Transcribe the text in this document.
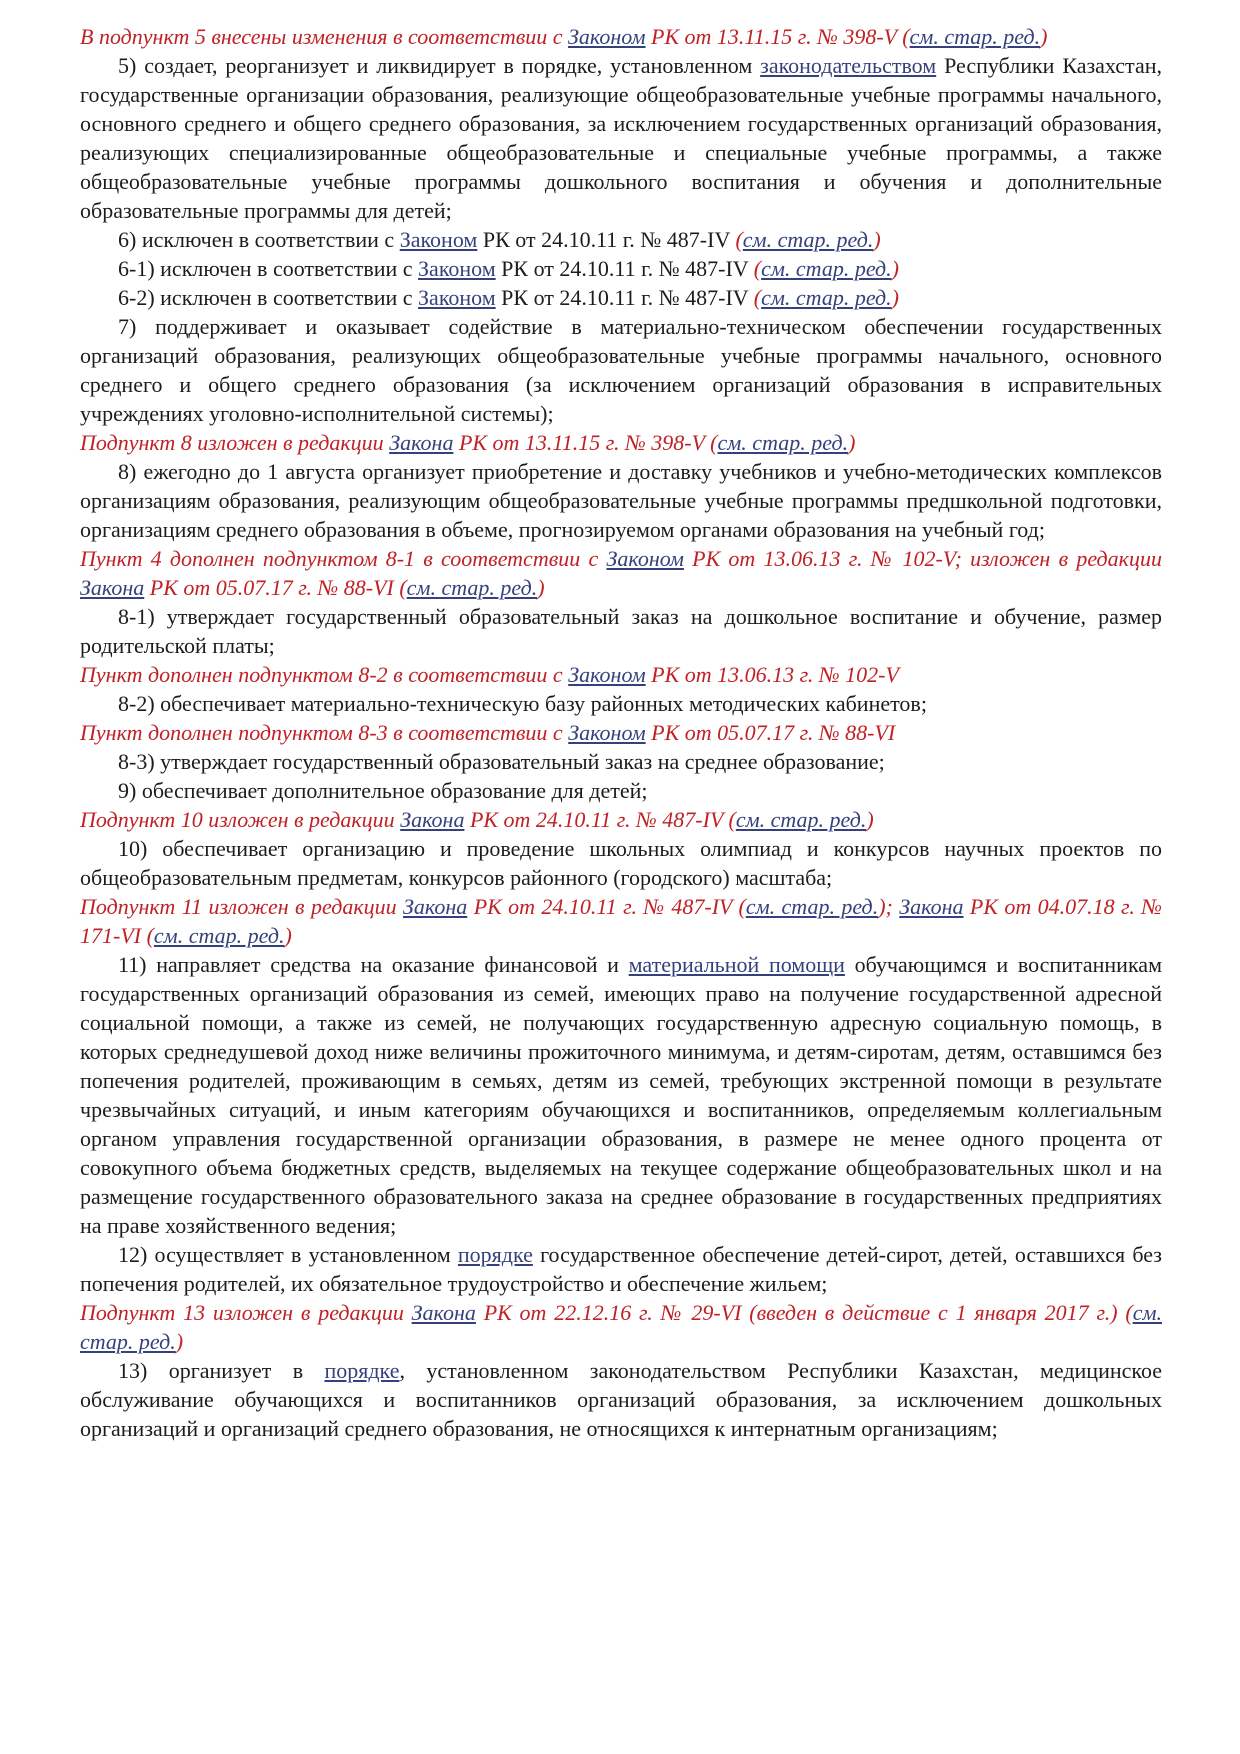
В подпункт 5 внесены изменения в соответствии с Законом РК от 13.11.15 г. № 398-V (см. стар. ред.)

5) создает, реорганизует и ликвидирует в порядке, установленном законодательством Республики Казахстан, государственные организации образования, реализующие общеобразовательные учебные программы начального, основного среднего и общего среднего образования, за исключением государственных организаций образования, реализующих специализированные общеобразовательные и специальные учебные программы, а также общеобразовательные учебные программы дошкольного воспитания и обучения и дополнительные образовательные программы для детей;

6) исключен в соответствии с Законом РК от 24.10.11 г. № 487-IV (см. стар. ред.)

6-1) исключен в соответствии с Законом РК от 24.10.11 г. № 487-IV (см. стар. ред.)

6-2) исключен в соответствии с Законом РК от 24.10.11 г. № 487-IV (см. стар. ред.)

7) поддерживает и оказывает содействие в материально-техническом обеспечении государственных организаций образования, реализующих общеобразовательные учебные программы начального, основного среднего и общего среднего образования (за исключением организаций образования в исправительных учреждениях уголовно-исполнительной системы);

Подпункт 8 изложен в редакции Закона РК от 13.11.15 г. № 398-V (см. стар. ред.)

8) ежегодно до 1 августа организует приобретение и доставку учебников и учебно-методических комплексов организациям образования, реализующим общеобразовательные учебные программы предшкольной подготовки, организациям среднего образования в объеме, прогнозируемом органами образования на учебный год;

Пункт 4 дополнен подпунктом 8-1 в соответствии с Законом РК от 13.06.13 г. № 102-V; изложен в редакции Закона РК от 05.07.17 г. № 88-VI (см. стар. ред.)

8-1) утверждает государственный образовательный заказ на дошкольное воспитание и обучение, размер родительской платы;

Пункт дополнен подпунктом 8-2 в соответствии с Законом РК от 13.06.13 г. № 102-V

8-2) обеспечивает материально-техническую базу районных методических кабинетов;

Пункт дополнен подпунктом 8-3 в соответствии с Законом РК от 05.07.17 г. № 88-VI

8-3) утверждает государственный образовательный заказ на среднее образование;

9) обеспечивает дополнительное образование для детей;

Подпункт 10 изложен в редакции Закона РК от 24.10.11 г. № 487-IV (см. стар. ред.)

10) обеспечивает организацию и проведение школьных олимпиад и конкурсов научных проектов по общеобразовательным предметам, конкурсов районного (городского) масштаба;

Подпункт 11 изложен в редакции Закона РК от 24.10.11 г. № 487-IV (см. стар. ред.); Закона РК от 04.07.18 г. № 171-VI (см. стар. ред.)

11) направляет средства на оказание финансовой и материальной помощи обучающимся и воспитанникам государственных организаций образования из семей, имеющих право на получение государственной адресной социальной помощи, а также из семей, не получающих государственную адресную социальную помощь, в которых среднедушевой доход ниже величины прожиточного минимума, и детям-сиротам, детям, оставшимся без попечения родителей, проживающим в семьях, детям из семей, требующих экстренной помощи в результате чрезвычайных ситуаций, и иным категориям обучающихся и воспитанников, определяемым коллегиальным органом управления государственной организации образования, в размере не менее одного процента от совокупного объема бюджетных средств, выделяемых на текущее содержание общеобразовательных школ и на размещение государственного образовательного заказа на среднее образование в государственных предприятиях на праве хозяйственного ведения;

12) осуществляет в установленном порядке государственное обеспечение детей-сирот, детей, оставшихся без попечения родителей, их обязательное трудоустройство и обеспечение жильем;

Подпункт 13 изложен в редакции Закона РК от 22.12.16 г. № 29-VI (введен в действие с 1 января 2017 г.) (см. стар. ред.)

13) организует в порядке, установленном законодательством Республики Казахстан, медицинское обслуживание обучающихся и воспитанников организаций образования, за исключением дошкольных организаций и организаций среднего образования, не относящихся к интернатным организациям;
